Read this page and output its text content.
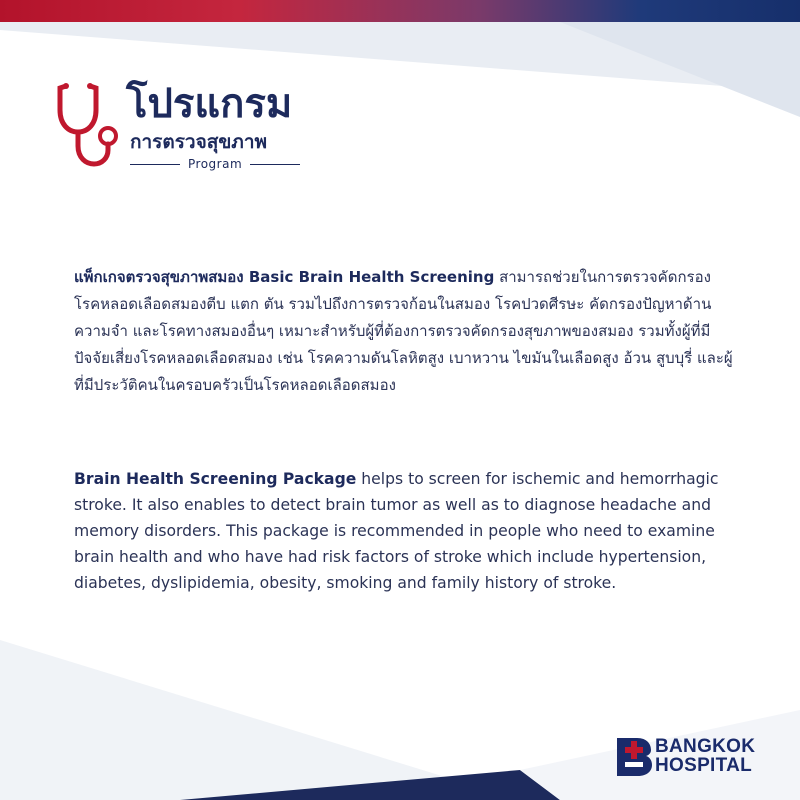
โปรแกรม
การตรวจสุขภาพ
Program
แพ็กเกจตรวจสุขภาพสมอง Basic Brain Health Screening สามารถช่วยในการตรวจคัดกรองโรคหลอดเลือดสมองตีบ แตก ตัน รวมไปถึงการตรวจก้อนในสมอง โรคปวดศีรษะ คัดกรองปัญหาด้านความจำ และโรคทางสมองอื่นๆ เหมาะสำหรับผู้ที่ต้องการตรวจคัดกรองสุขภาพของสมอง รวมทั้งผู้ที่มีปัจจัยเสี่ยงโรคหลอดเลือดสมอง เช่น โรคความดันโลหิตสูง เบาหวาน ไขมันในเลือดสูง อ้วน สูบบุรี่ และผู้ที่มีประวัติคนในครอบครัวเป็นโรคหลอดเลือดสมอง
Brain Health Screening Package helps to screen for ischemic and hemorrhagic stroke. It also enables to detect brain tumor as well as to diagnose headache and memory disorders. This package is recommended in people who need to examine brain health and who have had risk factors of stroke which include hypertension, diabetes, dyslipidemia, obesity, smoking and family history of stroke.
BANGKOK
HOSPITAL
